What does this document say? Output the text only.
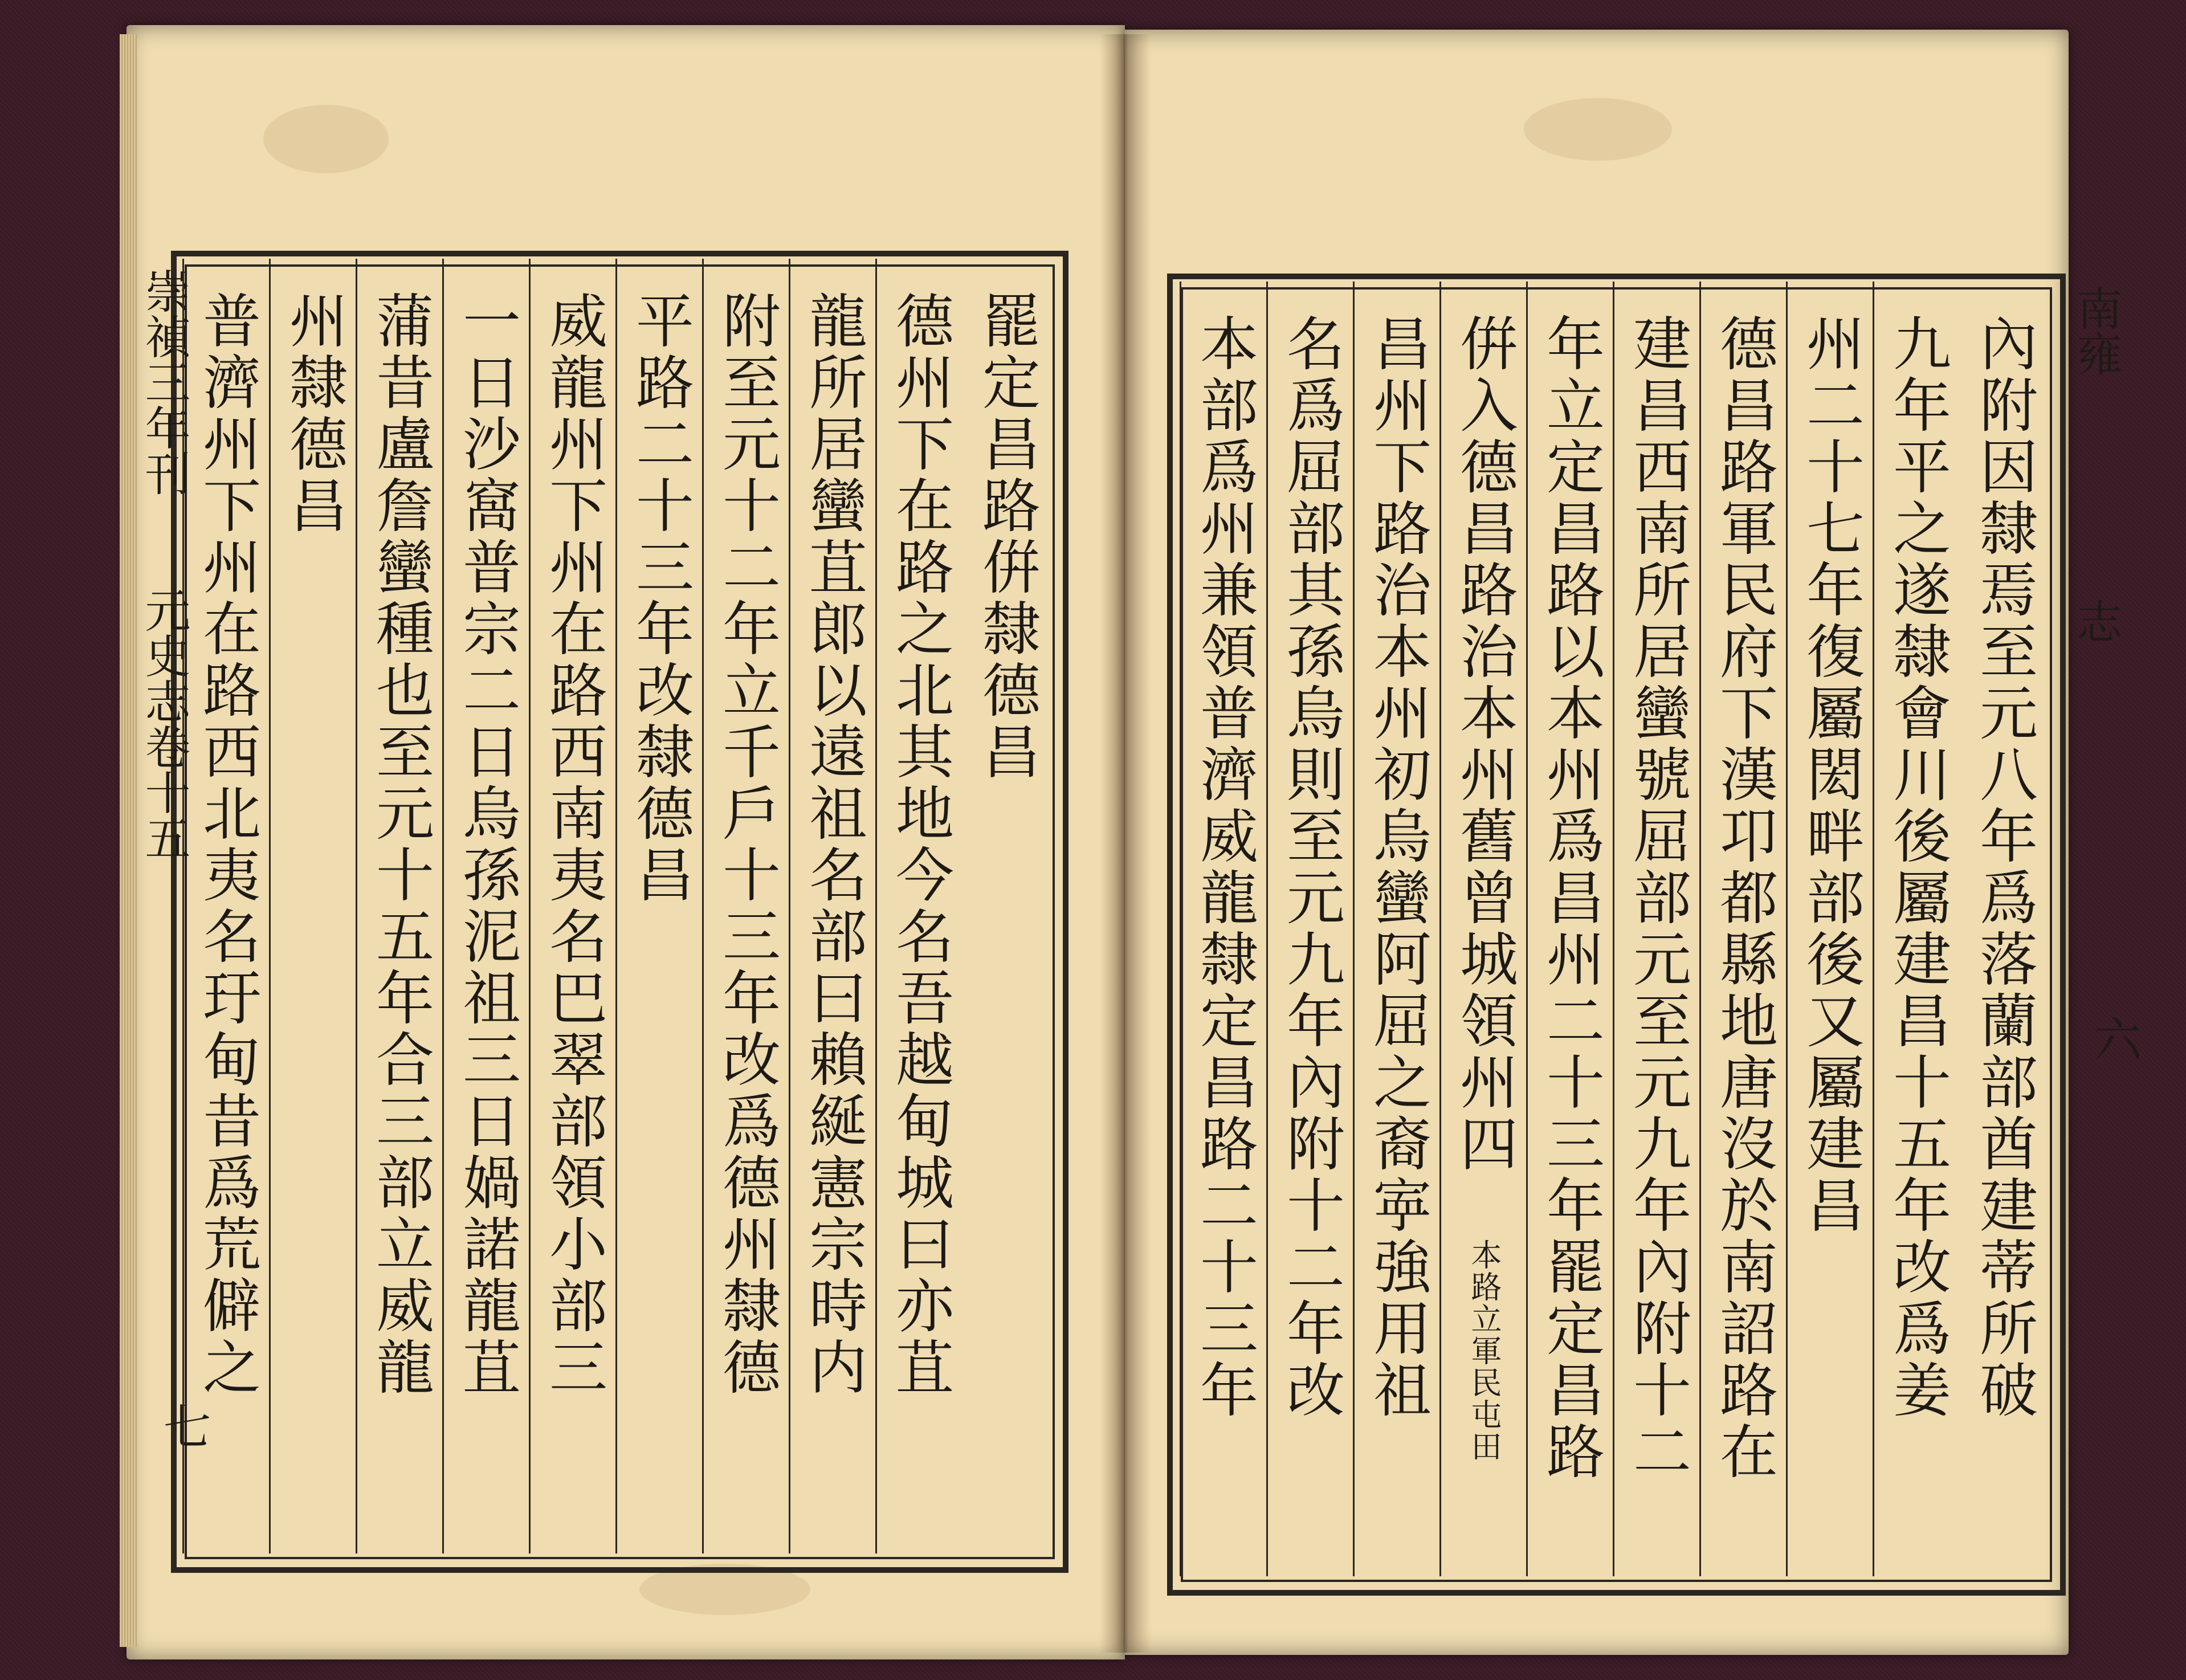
崇禎三年刊
元史志卷十五
七
南雍
志
六
罷定昌路倂隸德昌
德州下在路之北其地今名吾越甸城曰亦苴
龍所居蠻苴郎以遠祖名部曰賴綖憲宗時内
附至元十二年立千戶十三年改爲德州隸德
平路二十三年改隸德昌
威龍州下州在路西南夷名巴翠部領小部三
一日沙窩普宗二日烏孫泥祖三日媧諾龍苴
蒲昔盧詹蠻種也至元十五年合三部立威龍
州隸德昌
普濟州下州在路西北夷名玗甸昔爲荒僻之	內附因隸焉至元八年爲落蘭部酋建蒂所破
九年平之遂隸會川後屬建昌十五年改爲姜
州二十七年復屬閎畔部後又屬建昌
德昌路軍民府下漢卭都縣地唐沒於南詔路在
建昌西南所居蠻號屈部元至元九年內附十二
年立定昌路以本州爲昌州二十三年罷定昌路
倂入德昌路治本州舊曾城領州四
本路立軍民屯田
昌州下路治本州初烏蠻阿屈之裔𡨴強用祖
名爲屈部其孫烏則至元九年內附十二年改
本部爲州兼領普濟威龍隸定昌路二十三年
